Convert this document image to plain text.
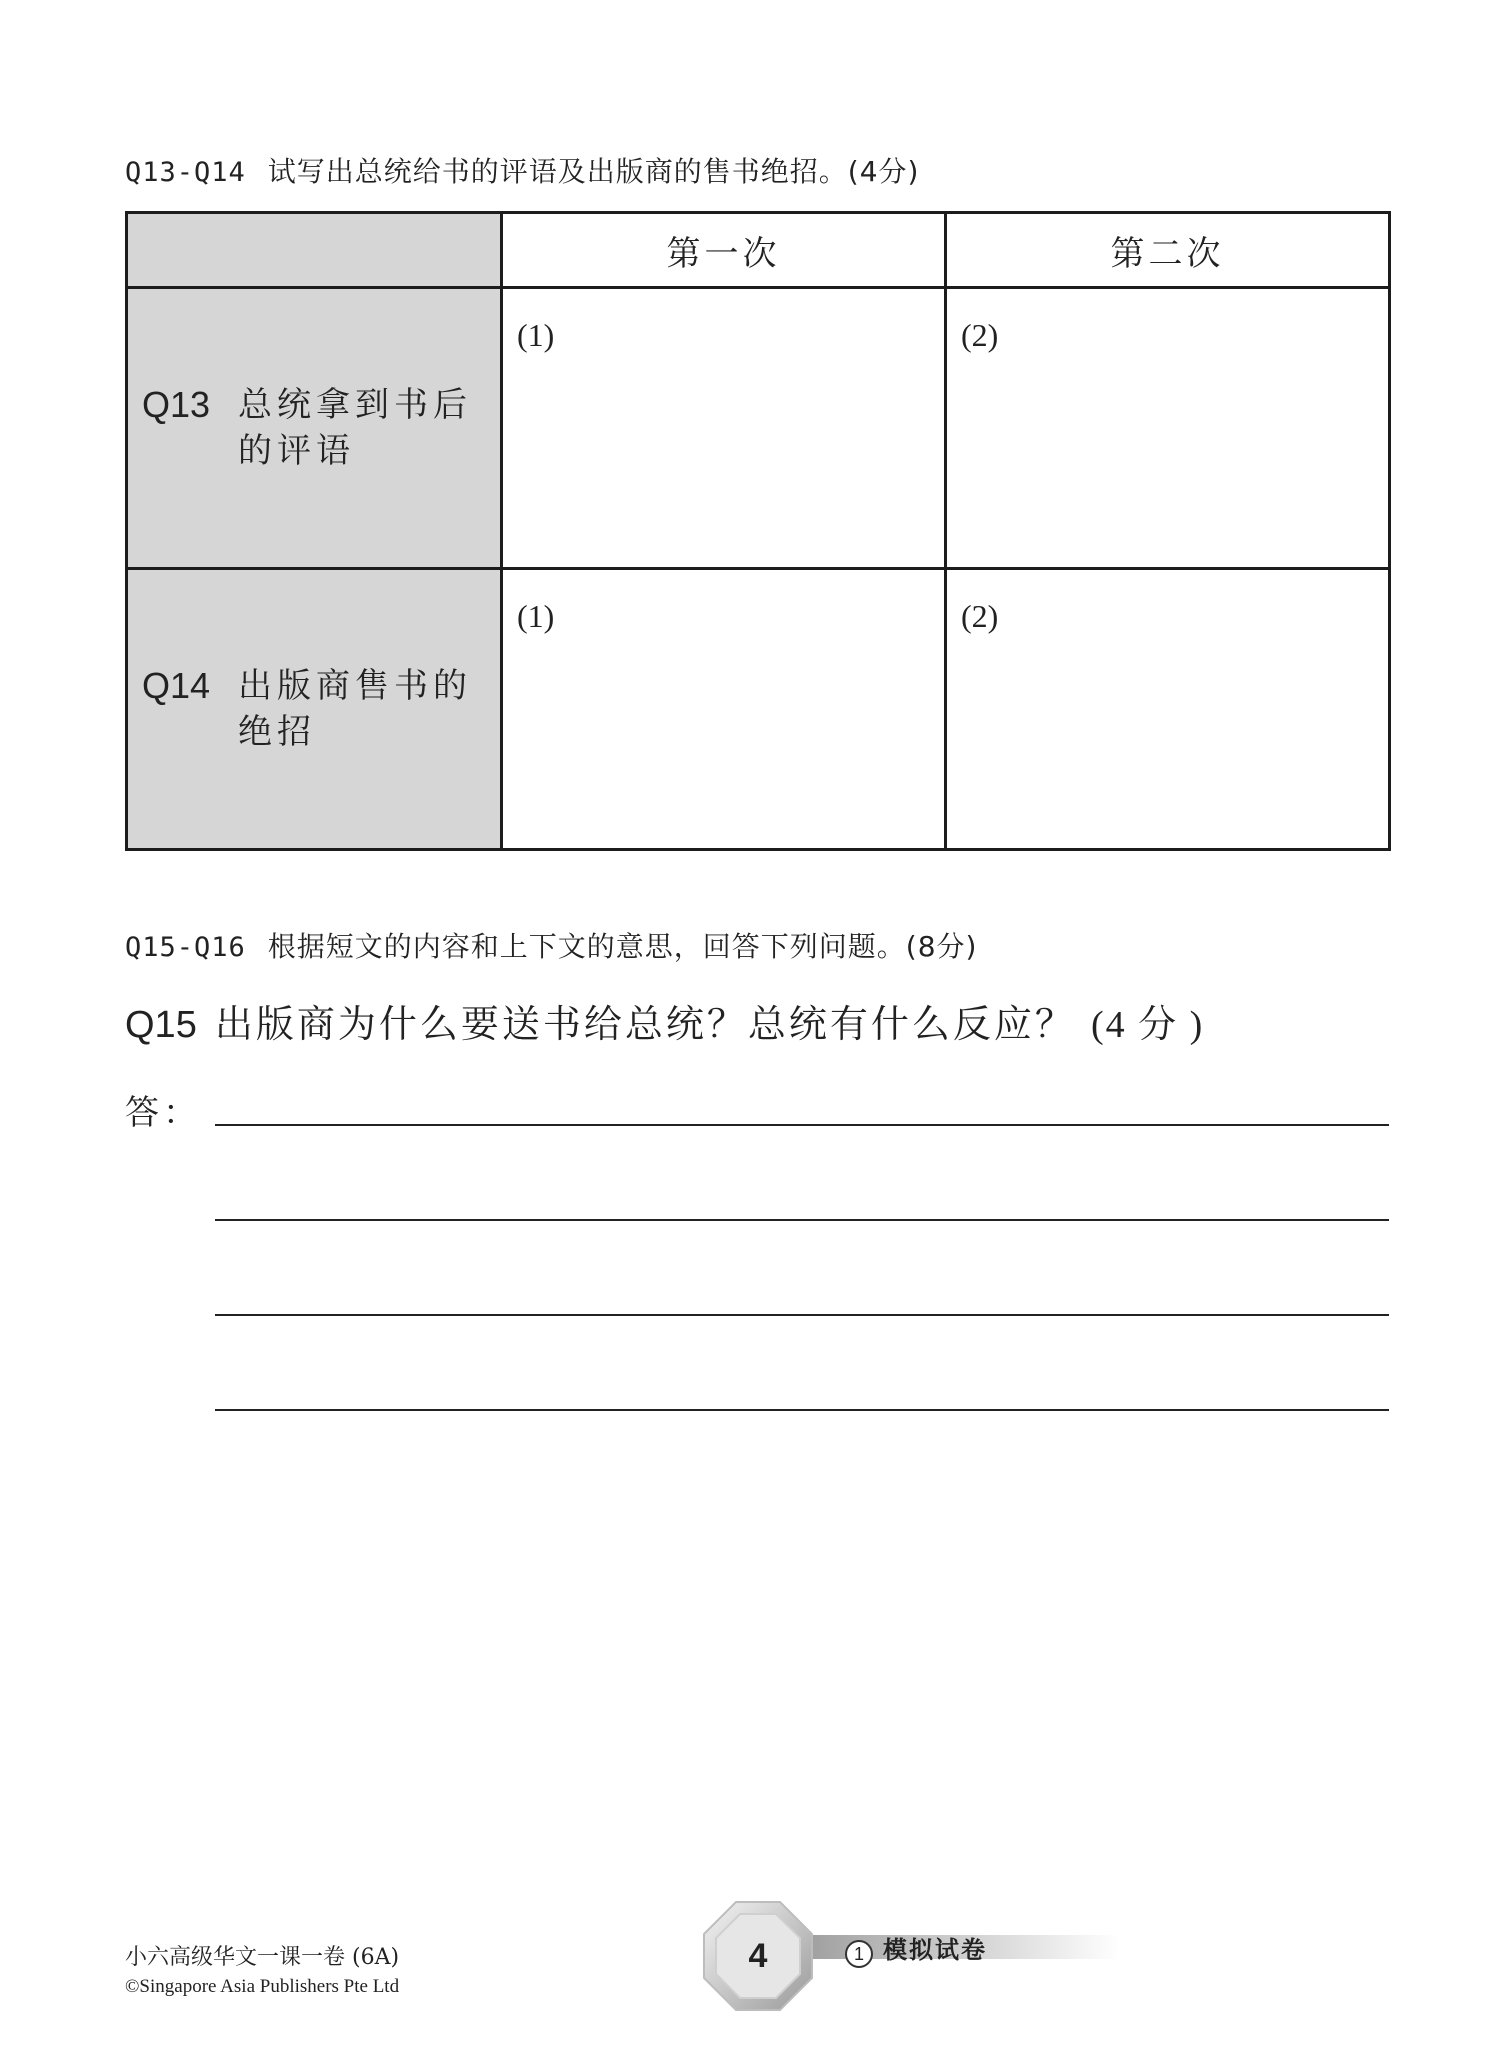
Q13-Q14 试写出总统给书的评语及出版商的售书绝招。(4分)
	第一次	第二次

Q13 总统拿到书后的评语	(1)	(2)

Q14 出版商售书的绝招	(1)	(2)
Q15-Q16 根据短文的内容和上下文的意思，回答下列问题。(8分)
Q15 出版商为什么要送书给总统？总统有什么反应？ (4 分 )
答：
小六高级华文一课一卷 (6A)
©Singapore Asia Publishers Pte Ltd
4	1 模拟试卷
